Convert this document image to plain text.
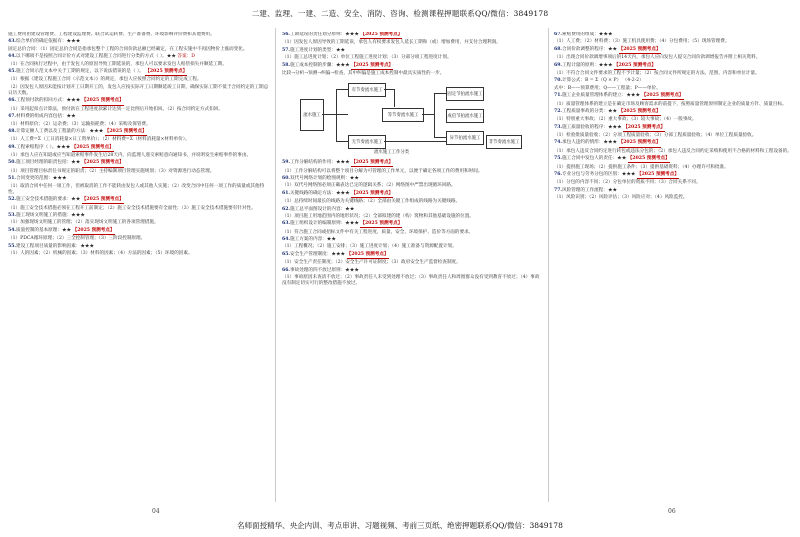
二建、监理、一建、二造、安全、消防、咨询、检测课程押题联系QQ/微信：3849178
施工费用由建设管理费、工程建设监理费、联合试运转费、生产准备费、环境影响评价费和其他费用。
43.综合单价的确定依据有：★★★
固定总价合同：（1）固定总价合同是指承包整个工程的合同价款总额已经确定，在工程实施中不再因物价上涨而变化。
44.以下哪项不是按照合同计价方式对建设工程施工合同进行分类的方式（ ）。★★ 答案：D
（1）在合同执行过程中，由于发包人的原因导致工期延误的，承包人可以要求发包人赔偿损失并顺延工期。
45.施工合同示范文本中关于工期的规定，以下说法错误的是（ ）。 【2025 预测考点】
（1）根据《建设工程施工合同（示范文本）》的规定，承包人应按照合同约定的工期完成工程。
（2）因发包人原因未能按计划开工日期开工的，发包人应按实际开工日期顺延竣工日期，确保实际工期不低于合同约定的工期总日历天数。
46.工程预付款的扣回方式：★★★ 【2025 预测考点】
（1）采用起扣点计算法，预付款在工程进度款累计达到一定比例后开始扣回。（2）按合同约定方式扣回。
47.材料费的组成内容包括：★★
（1）材料原价；（2）运杂费；（3）运输损耗费；（4）采购及保管费。
48.计算定额人工费以及工程量的方法：★★★ 【2025 预测考点】
（1）人工费=Σ（工日消耗量×日工资单价）；（2）材料费=Σ（材料消耗量×材料单价）。
49.工程索赔程序（ ）。★★★ 【2025 预测考点】
（1）承包人应在知道或应当知道索赔事件发生后28天内，向监理人递交索赔意向通知书，并说明发生索赔事件的事由。
50.施工项目经理的职责包括：★★ 【2025 预测考点】
（1）项目管理目标责任书规定的职责；（2）主持编制项目管理实施规划；（3）对资源进行动态管理。
51.合同变更的范围：★★★
（1）取消合同中任何一项工作，但被取消的工作不能转由发包人或其他人实施；（2）改变合同中任何一项工作的质量或其他特性。
52.施工安全技术措施的要求：★★ 【2025 预测考点】
（1）施工安全技术措施必须在工程开工前制定；（2）施工安全技术措施要有全面性；（3）施工安全技术措施要有针对性。
53.施工现场文明施工的措施：★★★
（1）加强现场文明施工的管理；（2）落实现场文明施工的各项管理措施。
54.质量控制的基本原理：★★ 【2025 预测考点】
（1）PDCA循环原理；（2）三全控制管理；（3）三阶段控制原理。
55.建设工程项目质量的影响因素：★★★
（1）人的因素；（2）机械的因素；（3）材料的因素；（4）方法的因素；（5）环境的因素。
56.工期延误的责任划分原则：★★★ 【2025 预测考点】
（1）因发包人原因导致的工期延误，承包人有权要求发包人延长工期和（或）增加费用，并支付合理利润。
57.施工进度计划的类型：★★
（1）施工总进度计划；（2）单位工程施工进度计划；（3）分部分项工程进度计划。
58.施工成本控制的步骤：★★★ 【2025 预测考点】
比较→分析→预测→纠偏→检查，其中纠偏是施工成本控制中最具实质性的一步。
流水施工
有节奏流水施工
等节奏流水施工
无节奏流水施工
固定节拍流水施工
成倍节拍流水施工
异节拍流水施工
非节奏流水施工
流水施工工作分类
59.工作分解结构的作用：★★★ 【2025 预测考点】
（1）工作分解结构可以将整个项目分解为可管理的工作单元，以便于确定各项工作的费用和时间。
60.双代号网络计划的绘图规则：★★
（1）双代号网络图必须正确表达已定的逻辑关系；（2）网络图中严禁出现循环回路。
61.关键线路的确定方法：★★★ 【2025 预测考点】
（1）总持续时间最长的线路为关键线路；（2）全部由关键工作组成的线路为关键线路。
62.施工总平面图设计的内容：★★
（1）项目施工用地范围内的地形状况；（2）全部拟建的建（构）筑物和其他基础设施的位置。
63.施工组织设计的编制原则：★★★ 【2025 预测考点】
（1）符合施工合同或招标文件中有关工程进度、质量、安全、环境保护、造价等方面的要求。
64.施工方案的内容：★★
（1）工程概况；（2）施工安排；（3）施工进度计划；（4）施工准备与资源配置计划。
65.安全生产管理制度：★★★ 【2025 预测考点】
（1）安全生产责任制度；（2）安全生产许可证制度；（3）政府安全生产监督检查制度。
66.事故处理的四不放过原则：★★★
（1）事故原因未查清不放过；（2）事故责任人未受到处理不放过；（3）事故责任人和周围群众没有受到教育不放过；（4）事故没有制定切实可行的整改措施不放过。
67.索赔费用的组成：★★★
（1）人工费；（2）材料费；（3）施工机具使用费；（4）分包费用；（5）现场管理费。
68.合同价款调整的程序：★★ 【2025 预测考点】
（1）出现合同价款调增事项后的14天内，承包人应向发包人提交合同价款调增报告并附上相关资料。
69.工程计量的原则：★★★ 【2025 预测考点】
（1）不符合合同文件要求的工程不予计量；（2）按合同文件所规定的方法、范围、内容和单位计量。
70.计算公式：B = Σ（Q × P） （4-2-2）
式中：B——预算费用；Q——工程量；P——单价。
71.施工企业质量管理体系的建立：★★★ 【2025 预测考点】
（1）质量管理体系的建立是在确定市场及顾客需求的前提下，按照质量管理原则制定企业的质量方针、质量目标。
72.工程质量事故的分类：★★ 【2025 预测考点】
（1）特别重大事故；（2）重大事故；（3）较大事故；（4）一般事故。
73.施工质量验收的程序：★★★ 【2025 预测考点】
（1）检验批质量验收；（2）分项工程质量验收；（3）分部工程质量验收；（4）单位工程质量验收。
74.承包人违约的情形：★★★ 【2025 预测考点】
（1）承包人违反合同约定进行转包或违法分包的；（2）承包人违反合同约定采购和使用不合格的材料和工程设备的。
75.施工合同中发包人的责任：★★ 【2025 预测考点】
（1）提供施工现场；（2）提供施工条件；（3）提供基础资料；（4）办理许可和批准。
76.专业分包与劳务分包的区别：★★★ 【2025 预测考点】
（1）分包的内容不同；（2）分包单位的资质不同；（3）合同关系不同。
77.风险管理的工作流程：★★
（1）风险识别；（2）风险评估；（3）风险应对；（4）风险监控。
04	06
名师面授精华、央企内训、考点串讲、习题视频、考前三页纸、绝密押题联系QQ/微信：3849178
